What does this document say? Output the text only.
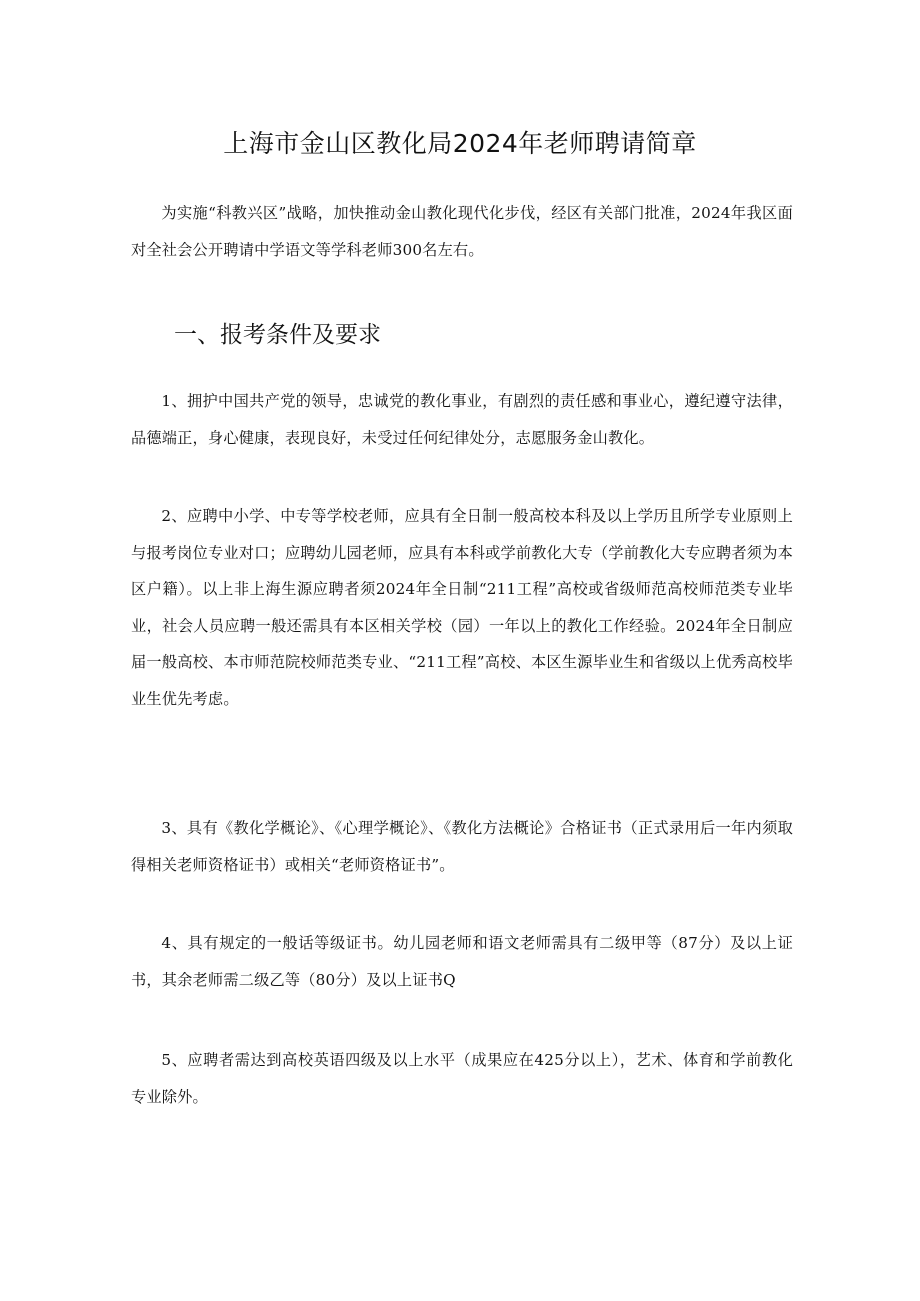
上海市金山区教化局2024年老师聘请简章

为实施“科教兴区”战略，加快推动金山教化现代化步伐，经区有关部门批准，2024年我区面对全社会公开聘请中学语文等学科老师300名左右。

一、报考条件及要求

1、拥护中国共产党的领导，忠诚党的教化事业，有剧烈的责任感和事业心，遵纪遵守法律，品德端正，身心健康，表现良好，未受过任何纪律处分，志愿服务金山教化。

2、应聘中小学、中专等学校老师，应具有全日制一般高校本科及以上学历且所学专业原则上与报考岗位专业对口；应聘幼儿园老师，应具有本科或学前教化大专（学前教化大专应聘者须为本区户籍）。以上非上海生源应聘者须2024年全日制“211工程”高校或省级师范高校师范类专业毕业，社会人员应聘一般还需具有本区相关学校（园）一年以上的教化工作经验。2024年全日制应届一般高校、本市师范院校师范类专业、“211工程”高校、本区生源毕业生和省级以上优秀高校毕业生优先考虑。

3、具有《教化学概论》、《心理学概论》、《教化方法概论》合格证书（正式录用后一年内须取得相关老师资格证书）或相关“老师资格证书”。

4、具有规定的一般话等级证书。幼儿园老师和语文老师需具有二级甲等（87分）及以上证书，其余老师需二级乙等（80分）及以上证书Q

5、应聘者需达到高校英语四级及以上水平（成果应在425分以上），艺术、体育和学前教化专业除外。
